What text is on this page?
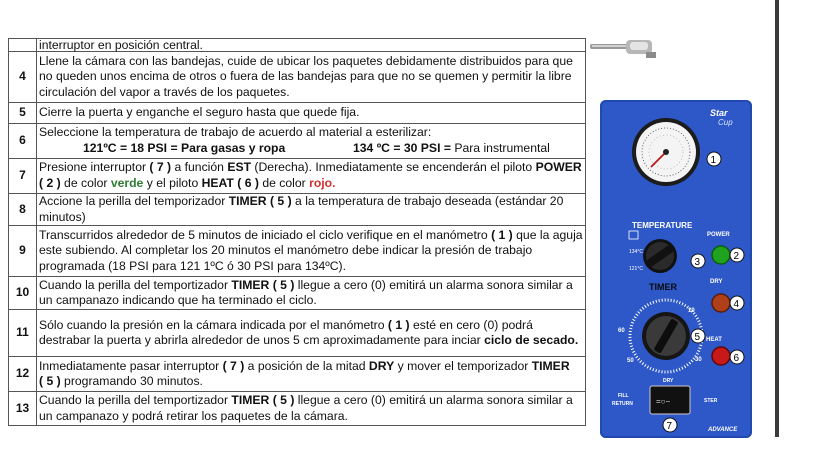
	interruptor en posición central.
4	Llene la cámara con las bandejas, cuide de ubicar los paquetes debidamente distribuidos para que no queden unos encima de otros o fuera de las bandejas para que no se quemen y permitir la libre circulación del vapor a través de los paquetes.
5	Cierre la puerta y enganche el seguro hasta que quede fija.
6	Seleccione la temperatura de trabajo de acuerdo al material a esterilizar:
121ºC = 18 PSI = Para gasas y ropa 134 ºC = 30 PSI = Para instrumental

7	Presione interruptor ( 7 ) a función EST (Derecha). Inmediatamente se encenderán el piloto POWER
( 2 ) de color verde y el piloto HEAT ( 6 ) de color rojo.
8	Accione la perilla del temporizador TIMER ( 5 ) a la temperatura de trabajo deseada (estándar 20 minutos)
9	Transcurridos alrededor de 5 minutos de iniciado el ciclo verifique en el manómetro ( 1 ) que la aguja este subiendo. Al completar los 20 minutos el manómetro debe indicar la presión de trabajo programada (18 PSI para 121 1ºC ó 30 PSI para 134ºC).
10	Cuando la perilla del temportizador TIMER ( 5 ) llegue a cero (0) emitirá un alarma sonora similar a un campanazo indicando que ha terminado el ciclo.
11	Sólo cuando la presión en la cámara indicada por el manómetro ( 1 ) esté en cero (0) podrá destrabar la puerta y abrirla alrededor de unos 5 cm aproximadamente para inciar ciclo de secado.
12	Inmediatamente pasar interruptor ( 7 ) a posición de la mitad DRY y mover el temporizador TIMER
( 5 ) programando 30 minutos.
13	Cuando la perilla del temportizador TIMER ( 5 ) llegue a cero (0) emitirá un alarma sonora similar a un campanazo y podrá retirar los paquetes de la cámara.
Star
Cup
TEMPERATURE
134°C
121°C
POWER
DRY
TIMER
60
10
50	30
HEAT
FILL
RETURN
DRY
STER
=○−
ADVANCE
1
2
3
4
5
6
7
